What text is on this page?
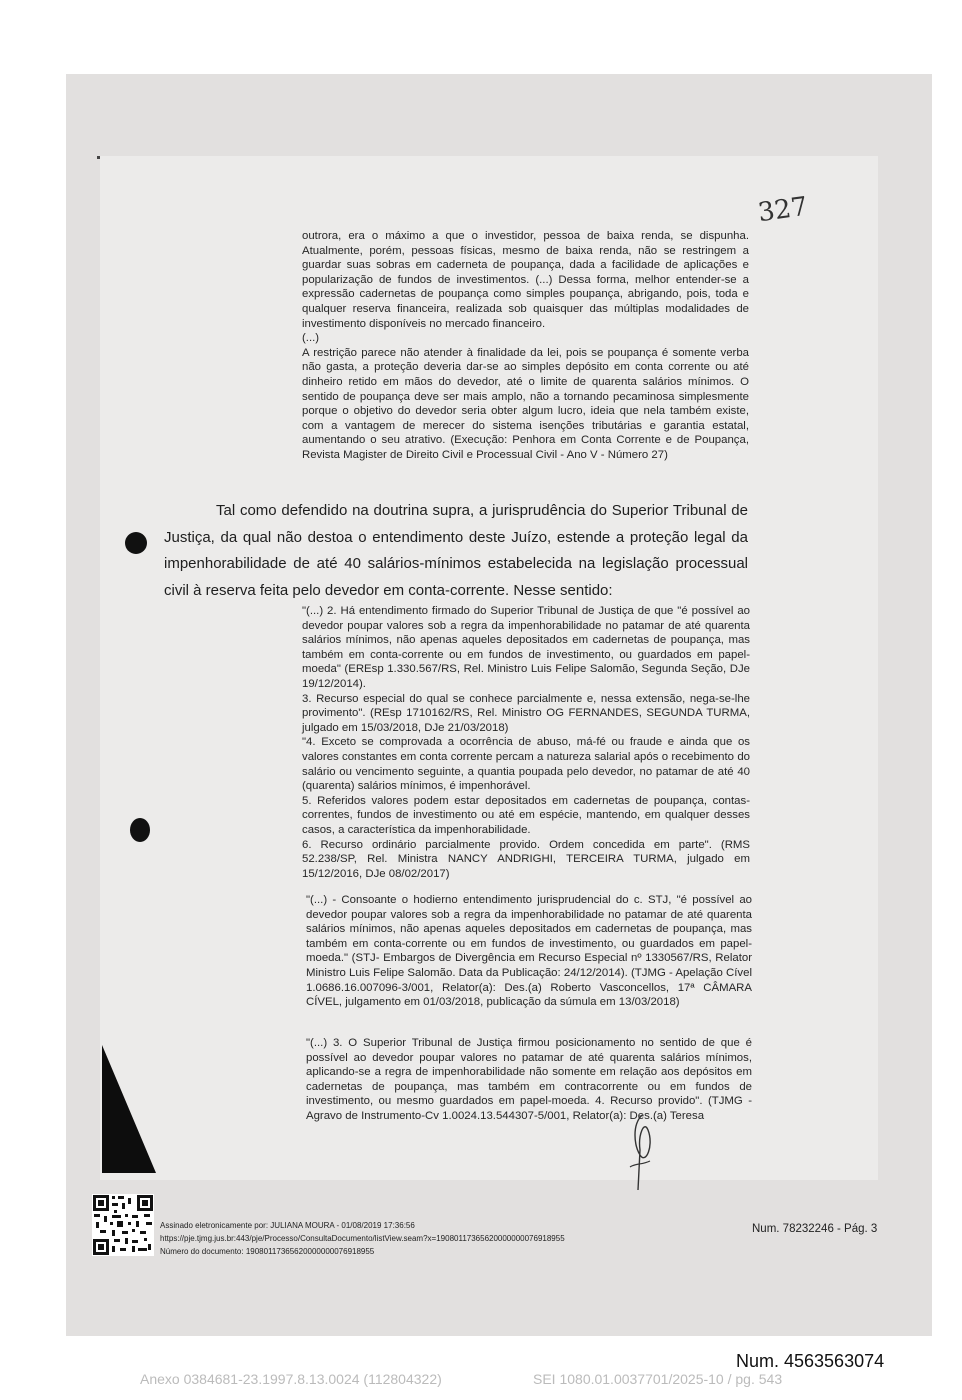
327
outrora, era o máximo a que o investidor, pessoa de baixa renda, se dispunha. Atualmente, porém, pessoas físicas, mesmo de baixa renda, não se restringem a guardar suas sobras em caderneta de poupança, dada a facilidade de aplicações e popularização de fundos de investimentos. (...) Dessa forma, melhor entender-se a expressão cadernetas de poupança como simples poupança, abrigando, pois, toda e qualquer reserva financeira, realizada sob quaisquer das múltiplas modalidades de investimento disponíveis no mercado financeiro.
(...)
A restrição parece não atender à finalidade da lei, pois se poupança é somente verba não gasta, a proteção deveria dar-se ao simples depósito em conta corrente ou até dinheiro retido em mãos do devedor, até o limite de quarenta salários mínimos. O sentido de poupança deve ser mais amplo, não a tornando pecaminosa simplesmente porque o objetivo do devedor seria obter algum lucro, ideia que nela também existe, com a vantagem de merecer do sistema isenções tributárias e garantia estatal, aumentando o seu atrativo. (Execução: Penhora em Conta Corrente e de Poupança, Revista Magister de Direito Civil e Processual Civil - Ano V - Número 27)
Tal como defendido na doutrina supra, a jurisprudência do Superior Tribunal de Justiça, da qual não destoa o entendimento deste Juízo, estende a proteção legal da impenhorabilidade de até 40 salários-mínimos estabelecida na legislação processual civil à reserva feita pelo devedor em conta-corrente. Nesse sentido:
"(...) 2. Há entendimento firmado do Superior Tribunal de Justiça de que "é possível ao devedor poupar valores sob a regra da impenhorabilidade no patamar de até quarenta salários mínimos, não apenas aqueles depositados em cadernetas de poupança, mas também em conta-corrente ou em fundos de investimento, ou guardados em papel-moeda" (EREsp 1.330.567/RS, Rel. Ministro Luis Felipe Salomão, Segunda Seção, DJe 19/12/2014).
3. Recurso especial do qual se conhece parcialmente e, nessa extensão, nega-se-lhe provimento". (REsp 1710162/RS, Rel. Ministro OG FERNANDES, SEGUNDA TURMA, julgado em 15/03/2018, DJe 21/03/2018)
"4. Exceto se comprovada a ocorrência de abuso, má-fé ou fraude e ainda que os valores constantes em conta corrente percam a natureza salarial após o recebimento do salário ou vencimento seguinte, a quantia poupada pelo devedor, no patamar de até 40 (quarenta) salários mínimos, é impenhorável.
5. Referidos valores podem estar depositados em cadernetas de poupança, contas-correntes, fundos de investimento ou até em espécie, mantendo, em qualquer desses casos, a característica da impenhorabilidade.
6. Recurso ordinário parcialmente provido. Ordem concedida em parte". (RMS 52.238/SP, Rel. Ministra NANCY ANDRIGHI, TERCEIRA TURMA, julgado em 15/12/2016, DJe 08/02/2017)
"(...) - Consoante o hodierno entendimento jurisprudencial do c. STJ, "é possível ao devedor poupar valores sob a regra da impenhorabilidade no patamar de até quarenta salários mínimos, não apenas aqueles depositados em cadernetas de poupança, mas também em conta-corrente ou em fundos de investimento, ou guardados em papel-moeda." (STJ- Embargos de Divergência em Recurso Especial nº 1330567/RS, Relator Ministro Luis Felipe Salomão. Data da Publicação: 24/12/2014). (TJMG - Apelação Cível 1.0686.16.007096-3/001, Relator(a): Des.(a) Roberto Vasconcellos, 17ª CÂMARA CÍVEL, julgamento em 01/03/2018, publicação da súmula em 13/03/2018)
"(...) 3. O Superior Tribunal de Justiça firmou posicionamento no sentido de que é possível ao devedor poupar valores no patamar de até quarenta salários mínimos, aplicando-se a regra de impenhorabilidade não somente em relação aos depósitos em cadernetas de poupança, mas também em contracorrente ou em fundos de investimento, ou mesmo guardados em papel-moeda. 4. Recurso provido". (TJMG - Agravo de Instrumento-Cv 1.0024.13.544307-5/001, Relator(a): Des.(a) Teresa
Assinado eletronicamente por: JULIANA MOURA - 01/08/2019 17:36:56
https://pje.tjmg.jus.br:443/pje/Processo/ConsultaDocumento/listView.seam?x=19080117365620000000076918955
Número do documento: 19080117365620000000076918955
Num. 78232246 - Pág. 3
Num. 4563563074
Anexo 0384681-23.1997.8.13.0024 (112804322)	SEI 1080.01.0037701/2025-10 / pg. 543
